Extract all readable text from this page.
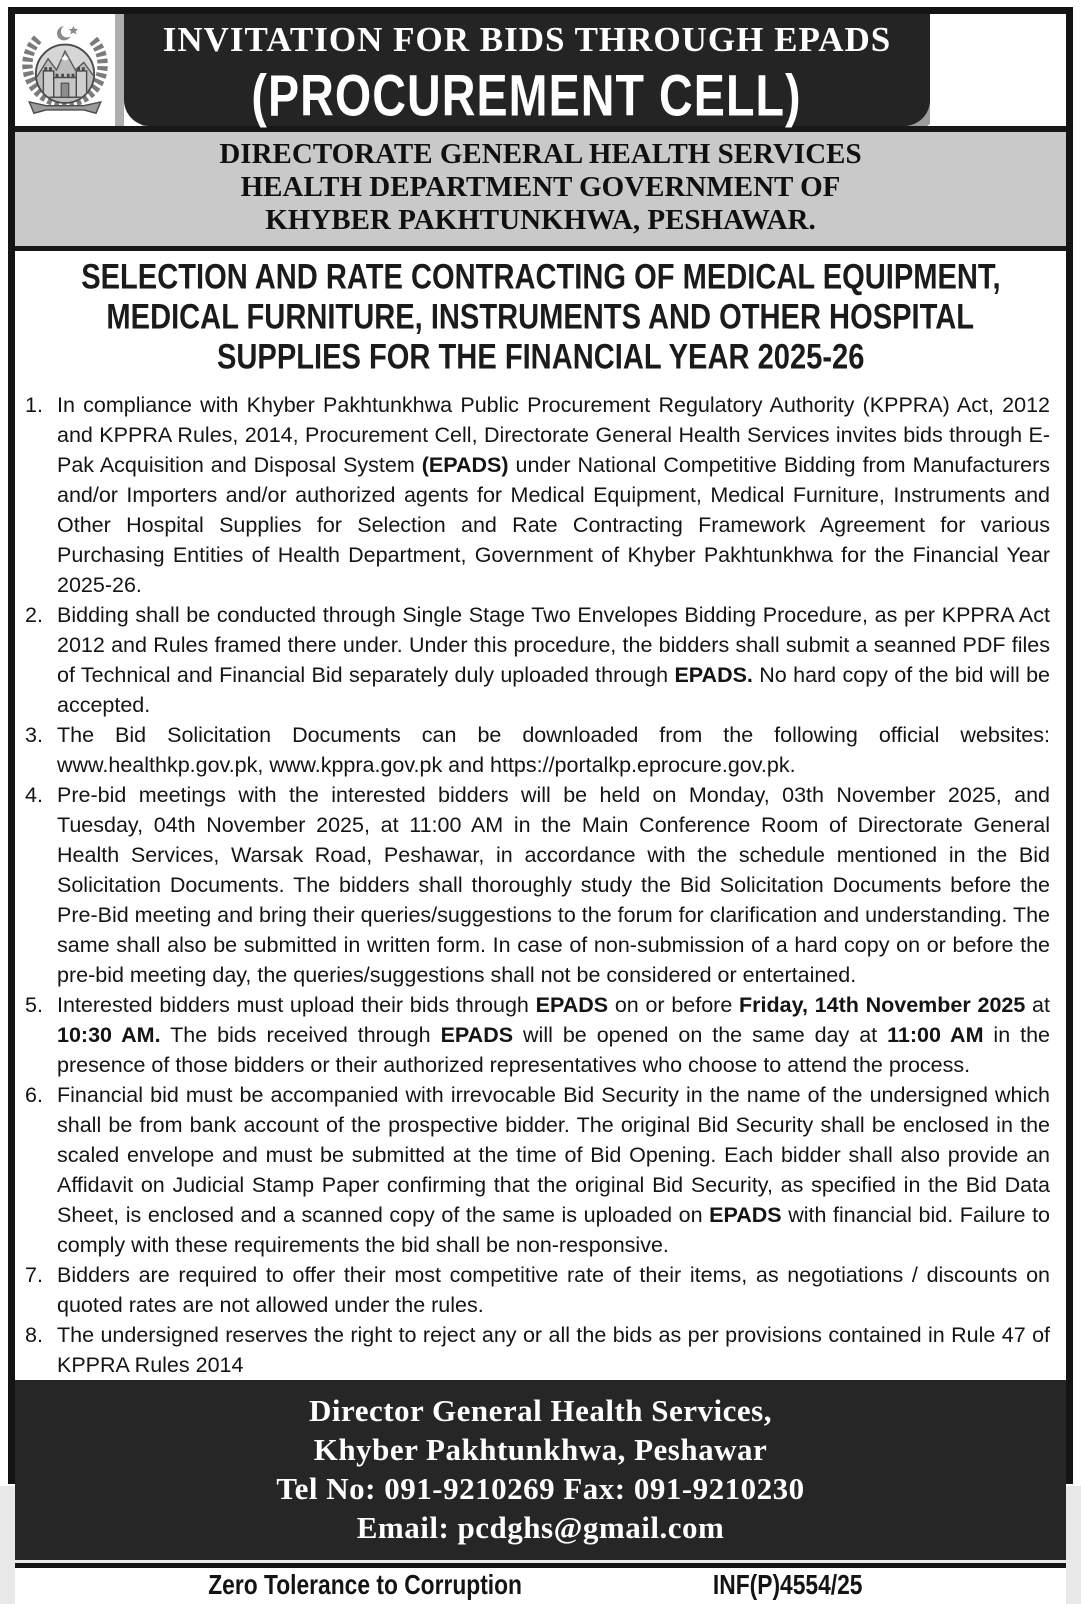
INVITATION FOR BIDS THROUGH EPADS
(PROCUREMENT CELL)
DIRECTORATE GENERAL HEALTH SERVICES
HEALTH DEPARTMENT GOVERNMENT OF
KHYBER PAKHTUNKHWA, PESHAWAR.
SELECTION AND RATE CONTRACTING OF MEDICAL EQUIPMENT,
MEDICAL FURNITURE, INSTRUMENTS AND OTHER HOSPITAL
SUPPLIES FOR THE FINANCIAL YEAR 2025-26
1. In compliance with Khyber Pakhtunkhwa Public Procurement Regulatory Authority (KPPRA) Act, 2012 and KPPRA Rules, 2014, Procurement Cell, Directorate General Health Services invites bids through E-Pak Acquisition and Disposal System (EPADS) under National Competitive Bidding from Manufacturers and/or Importers and/or authorized agents for Medical Equipment, Medical Furniture, Instruments and Other Hospital Supplies for Selection and Rate Contracting Framework Agreement for various Purchasing Entities of Health Department, Government of Khyber Pakhtunkhwa for the Financial Year 2025-26.
2. Bidding shall be conducted through Single Stage Two Envelopes Bidding Procedure, as per KPPRA Act 2012 and Rules framed there under. Under this procedure, the bidders shall submit a seanned PDF files of Technical and Financial Bid separately duly uploaded through EPADS. No hard copy of the bid will be accepted.
3. The Bid Solicitation Documents can be downloaded from the following official websites: www.healthkp.gov.pk, www.kppra.gov.pk and https://portalkp.eprocure.gov.pk.
4. Pre-bid meetings with the interested bidders will be held on Monday, 03th November 2025, and Tuesday, 04th November 2025, at 11:00 AM in the Main Conference Room of Directorate General Health Services, Warsak Road, Peshawar, in accordance with the schedule mentioned in the Bid Solicitation Documents. The bidders shall thoroughly study the Bid Solicitation Documents before the Pre-Bid meeting and bring their queries/suggestions to the forum for clarification and understanding. The same shall also be submitted in written form. In case of non-submission of a hard copy on or before the pre-bid meeting day, the queries/suggestions shall not be considered or entertained.
5. Interested bidders must upload their bids through EPADS on or before Friday, 14th November 2025 at 10:30 AM. The bids received through EPADS will be opened on the same day at 11:00 AM in the presence of those bidders or their authorized representatives who choose to attend the process.
6. Financial bid must be accompanied with irrevocable Bid Security in the name of the undersigned which shall be from bank account of the prospective bidder. The original Bid Security shall be enclosed in the scaled envelope and must be submitted at the time of Bid Opening. Each bidder shall also provide an Affidavit on Judicial Stamp Paper confirming that the original Bid Security, as specified in the Bid Data Sheet, is enclosed and a scanned copy of the same is uploaded on EPADS with financial bid. Failure to comply with these requirements the bid shall be non-responsive.
7. Bidders are required to offer their most competitive rate of their items, as negotiations / discounts on quoted rates are not allowed under the rules.
8. The undersigned reserves the right to reject any or all the bids as per provisions contained in Rule 47 of KPPRA Rules 2014
Director General Health Services,
Khyber Pakhtunkhwa, Peshawar
Tel No: 091-9210269 Fax: 091-9210230
Email: pcdghs@gmail.com
Zero Tolerance to Corruption	INF(P)4554/25
